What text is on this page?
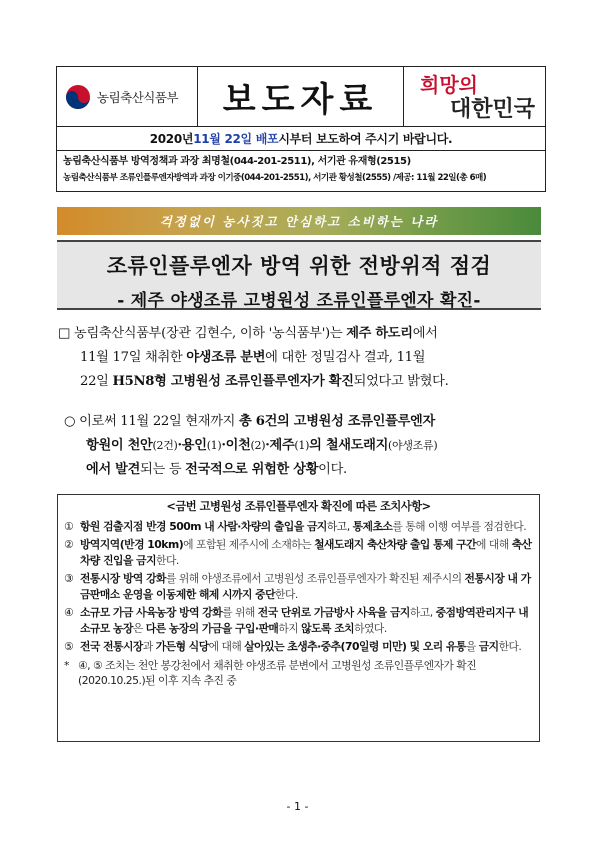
농림축산식품부	보도자료	희망의
대한민국
2020년 11월 22일 배포 시부터 보도하여 주시기 바랍니다.
농림축산식품부 방역정책과 과장 최명철(044-201-2511), 서기관 유재형(2515)
농림축산식품부 조류인플루엔자방역과 과장 이기중(044-201-2551), 서기관 황성철(2555) /제공: 11월 22일(총 6매)
걱정없이 농사짓고 안심하고 소비하는 나라
조류인플루엔자 방역 위한 전방위적 점검
- 제주 야생조류 고병원성 조류인플루엔자 확진-
□ 농림축산식품부(장관 김현수, 이하 '농식품부')는 제주 하도리에서
11월 17일 채취한 야생조류 분변에 대한 정밀검사 결과, 11월
22일 H5N8형 고병원성 조류인플루엔자가 확진되었다고 밝혔다.
○ 이로써 11월 22일 현재까지 총 6건의 고병원성 조류인플루엔자
항원이 천안(2건)·용인(1)·이천(2)·제주(1)의 철새도래지(야생조류)
에서 발견되는 등 전국적으로 위험한 상황이다.
<금번 고병원성 조류인플루엔자 확진에 따른 조치사항>
① 항원 검출지점 반경 500m 내 사람·차량의 출입을 금지하고, 통제초소를 통해 이행 여부를 점검한다.
② 방역지역(반경 10km)에 포함된 제주시에 소재하는 철새도래지 축산차량 출입 통제 구간에 대해 축산차량 진입을 금지한다.
③ 전통시장 방역 강화를 위해 야생조류에서 고병원성 조류인플루엔자가 확진된 제주시의 전통시장 내 가금판매소 운영을 이동제한 해제 시까지 중단한다.
④ 소규모 가금 사육농장 방역 강화를 위해 전국 단위로 가금방사 사육을 금지하고, 중점방역관리지구 내 소규모 농장은 다른 농장의 가금을 구입·판매하지 않도록 조치하였다.
⑤ 전국 전통시장과 가든형 식당에 대해 살아있는 초생추·중추(70일령 미만) 및 오리 유통을 금지한다.
* ④, ⑤ 조치는 천안 봉강천에서 채취한 야생조류 분변에서 고병원성 조류인플루엔자가 확진(2020.10.25.)된 이후 지속 추진 중
- 1 -
